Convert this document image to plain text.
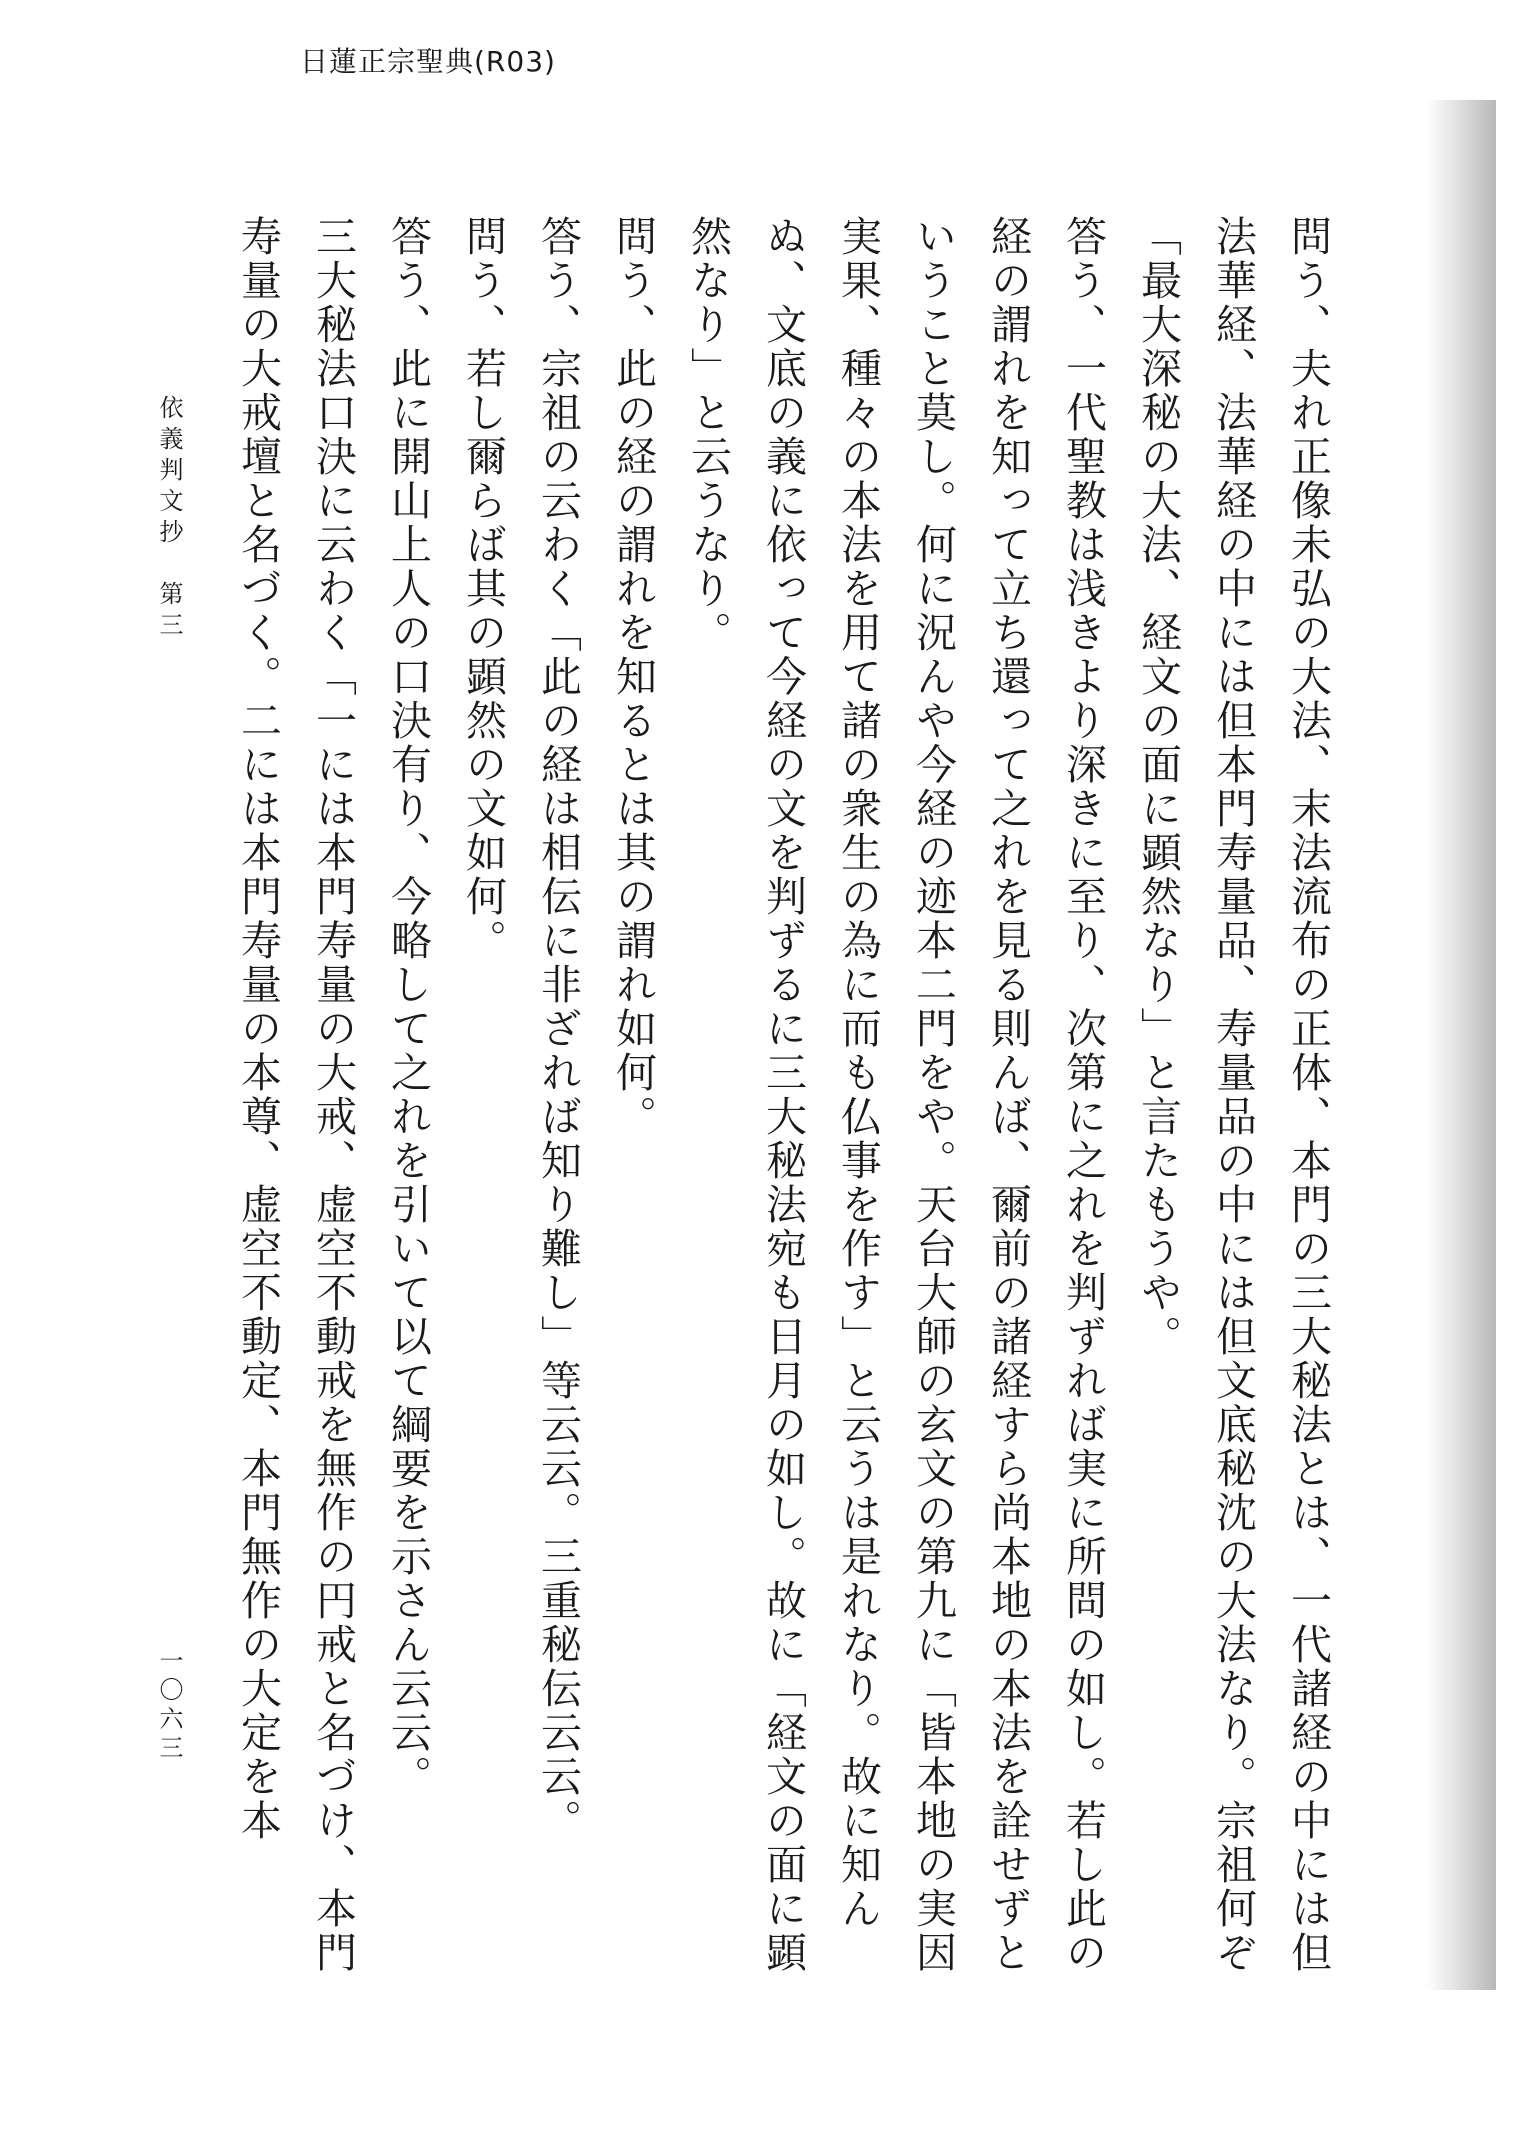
日蓮正宗聖典(R03)

問う、夫れ正像未弘の大法、末法流布の正体、本門の三大秘法とは、一代諸経の中には但法華経、法華経の中には但本門寿量品、寿量品の中には但文底秘沈の大法なり。宗祖何ぞ「最大深秘の大法、経文の面に顕然なり」と言たもうや。

答う、一代聖教は浅きより深きに至り、次第に之れを判ずれば実に所問の如し。若し此の経の謂れを知って立ち還って之れを見る則んば、爾前の諸経すら尚本地の本法を詮せずということ莫し。何に況んや今経の迹本二門をや。天台大師の玄文の第九に「皆本地の実因実果、種々の本法を用て諸の衆生の為に而も仏事を作す」と云うは是れなり。故に知んぬ、文底の義に依って今経の文を判ずるに三大秘法宛も日月の如し。故に「経文の面に顕然なり」と云うなり。

問う、此の経の謂れを知るとは其の謂れ如何。

答う、宗祖の云わく「此の経は相伝に非ざれば知り難し」等云云。三重秘伝云云。

問う、若し爾らば其の顕然の文如何。

答う、此に開山上人の口決有り、今略して之れを引いて以て綱要を示さん云云。

三大秘法口決に云わく「一には本門寿量の大戒、虚空不動戒を無作の円戒と名づけ、本門寿量の大戒壇と名づく。二には本門寿量の本尊、虚空不動定、本門無作の大定を本

依義判文抄　第三
一〇六三
